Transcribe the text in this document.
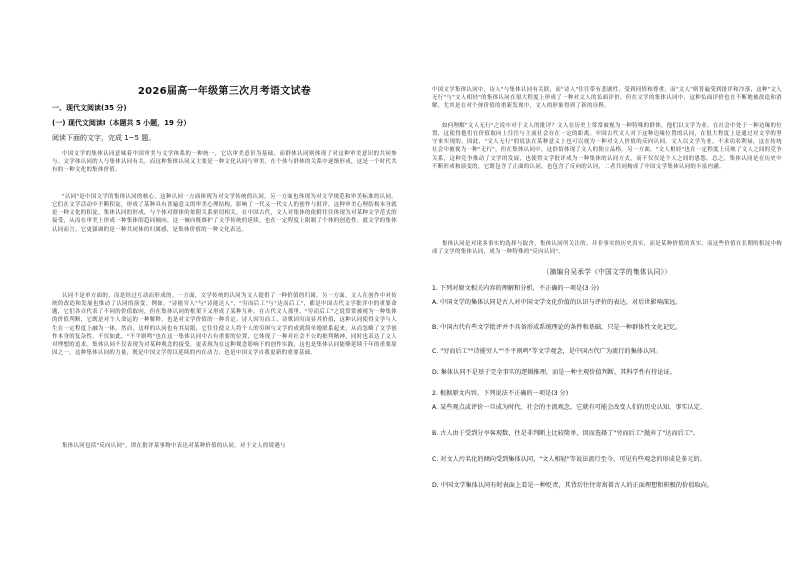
2026届高一年级第三次月考语文试卷
一、现代文阅读(35 分)
(一) 现代文阅读Ⅰ（本题共 5 小题，19 分）
阅读下面的文字，完成 1~5 题。

中国文学的集体认同意味着中国审美与文学体系的一种统一，它以审美意识为基础，而群体认同则体现了对这种审美意识的共同参与。文学体认同的人与集体认同有关，而这种集体认同又主要是一种文化认同与审美，在个体与群体的关系中逐渐形成，这是一个时代共有的一种文化的集体价值。

"认同"是中国文学的集体认同的核心，这种认同一方面体现为对文学传统的认同，另一方面也体现为对文学规范和审美标准的认同。它们在文学活动中不断积淀，形成了某种具有普遍意义的审美心理结构，影响了一代又一代文人的创作与批评，这种审美心理结构本身就是一种文化的积淀。集体认同的形成，与个体对群体的依附关系密切相关。在中国古代，文人对集体的依附往往体现为对某种文学范式的接受，从而在审美上形成一种集体的趋同倾向，这一倾向既维护了文学传统的延续，也在一定程度上限制了个体的创造性。就文学的集体认同而言，它更强调的是一种共同体的归属感，是集体价值的一种文化表达。

认同不是单方面的，而是经过互动而形成的。一方面，文学传统的认同为文人提供了一种价值的归属，另一方面，文人在创作中对传统的改造和发展也推动了认同的演变。例如，"诗能穷人"与"诗能达人"，"穷而后工"与"达而后工"，都是中国古代文学批评中的重要命题，它们各自代表了不同的价值取向，但在集体认同的框架下又形成了某种互补。在古代文人那里，"穷而后工"之说常常被视为一种集体的价值判断，它既是对个人命运的一种解释，也是对文学价值的一种肯定。诗人因穷而工，诗歌因穷而显其价值，这种认同使得文学与人生在一定程度上融为一体。然而，这样的认同也有其局限，它往往使文人将个人的穷困与文学的成就简单地联系起来，从而忽略了文学创作本身的复杂性。不仅如此，"不平则鸣"也在这一集体认同中占有重要的位置，它体现了一种对社会不公的批判精神，同时也表达了文人对理想的追求。集体认同不仅表现为对某种观念的接受，更表现为在这种观念影响下的创作实践，这也是集体认同能够延续千年的重要原因之一。这种集体认同的力量，既是中国文学得以延续的内在动力，也是中国文学自我更新的重要基础。

集体认同包括"反向认同"，即在批评某事物中表达对某种价值的认同。对于文人的境遇与

中国文学集体认同中，诗人"与集体认同有关联，而"诗人"往往带有悲剧性，受到同情和尊重。而"文人"则普遍受到批评和冷落，这种"文人无行"与"文人相轻"的集体认同在很大程度上形成了一种对文人的负面评价。但在文学的集体认同中，这种负面评价也在不断地被改造和消解，尤其是在对个体价值的重新发现中，文人的形象得到了新的诠释。

如何理解"文人无行"之说中对于文人的批评？文人在历史上常常被视为一种特殊的群体，他们以文学为业，在社会中处于一种边缘的位置，这使得他们在价值取向上往往与主流社会存在一定的距离。中国古代文人对于这种边缘位置的认同，在很大程度上是通过对文学的坚守来实现的。因此，"文人无行"的说法在某种意义上也可以视为一种对文人价值的反向认同。文人以文学为业，不求功名利禄，这在传统社会中被视为一种"无行"，但在集体认同中，这恰恰体现了文人的独立品格。另一方面，"文人相轻"也在一定程度上反映了文人之间的竞争关系，这种竞争推动了文学的发展，也使得文学批评成为一种集体的认同方式，而不仅仅是个人之间的恩怨。总之，集体认同是在历史中不断形成和演变的，它既包含了正面的认同，也包含了反向的认同，二者共同构成了中国文学集体认同的丰富内涵。

集体认同是对诸多事实的选择与取舍，集体认同所关注的，并非事实的历史真实，而是某种价值的真实，而这些价值在长期的积淀中构成了文学的集体认同，成为一种特殊的"反向认同"。

（摘编自吴承学《中国文学的集体认同》）
1. 下列对原文相关内容的理解和分析，不正确的一项是(3 分)
A. 中国文学的集体认同是古人对中国文学文化价值的认识与评价的表达，对后世影响深远。
B. 中国古代有些文学批评并不具备形成系统理论的条件和基础，只是一种群体性文化记忆。
C. "穷而后工""诗能穷人""不平则鸣"等文学观念，是中国古代广为流行的集体认同。
D. 集体认同不是基于完全事实的逻辑推理，而是一种主观价值判断，其科学性有待论证。
2. 根据原文内容，下列说法不正确的一项是(3 分)
A. 某些观点或评价一旦成为时代、社会的主流观念，它就有可能会改变人们的历史认知、事实认定。
B. 古人由于受到分享客观数，往是非判断上比较简单，因而选择了"穷而后工"抛弃了"达而后工"。
C. 对文人污名化的倾向受到集体认同，"文人相轻"等说法流行至今，可见有些观念的形成是多元的。
D. 中国文学集体认同有时表面上看是一种贬责，其背后往往寄寓着古人的正面理想和积极的价值取向。
